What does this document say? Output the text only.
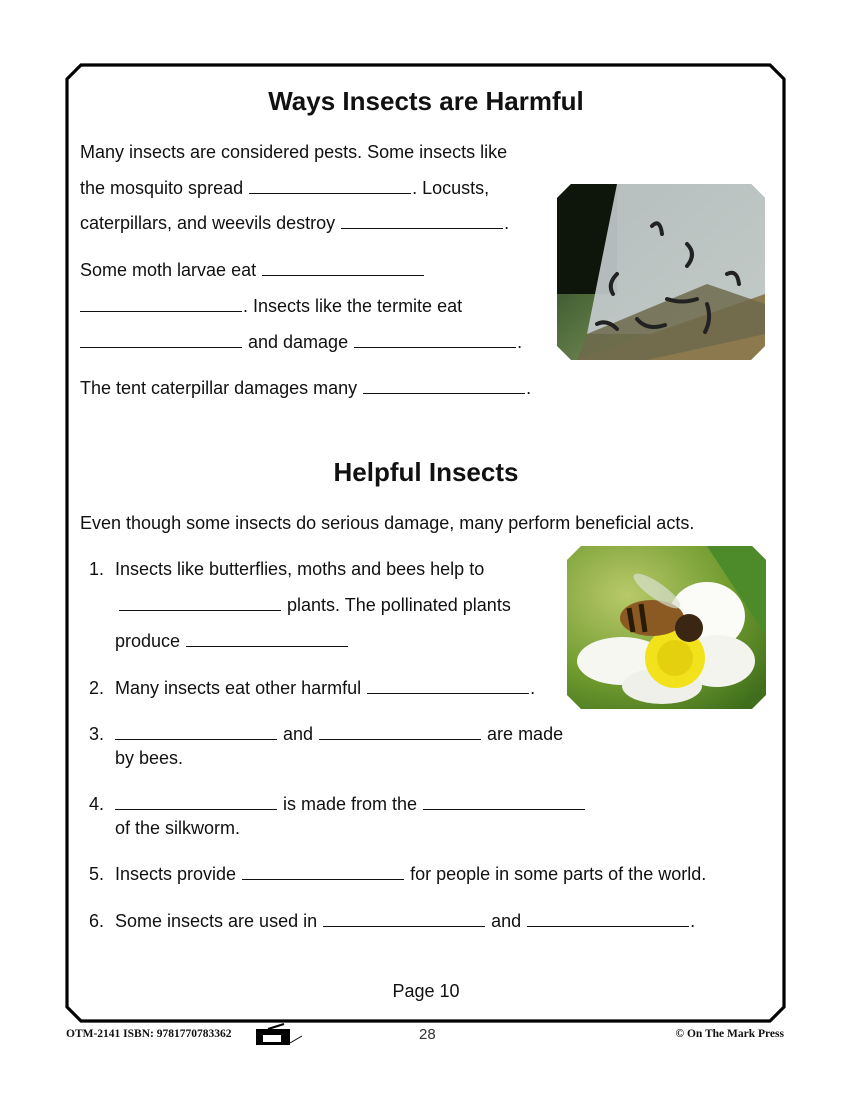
Ways Insects are Harmful
Many insects are considered pests. Some insects like
the mosquito spread	. Locusts,
caterpillars, and weevils destroy	.
Some moth larvae eat
. Insects like the termite eat
and damage	.
The tent caterpillar damages many	.
Helpful Insects
Even though some insects do serious damage, many perform beneficial acts.
1. Insects like butterflies, moths and bees help to
plants. The pollinated plants
produce
2. Many insects eat other harmful	.
3.	and	are made
by bees.
4.	is made from the
of the silkworm.
5. Insects provide	for people in some parts of the world.
6. Some insects are used in	and	.
Page 10
OTM-2141 ISBN: 9781770783362	28	© On The Mark Press
